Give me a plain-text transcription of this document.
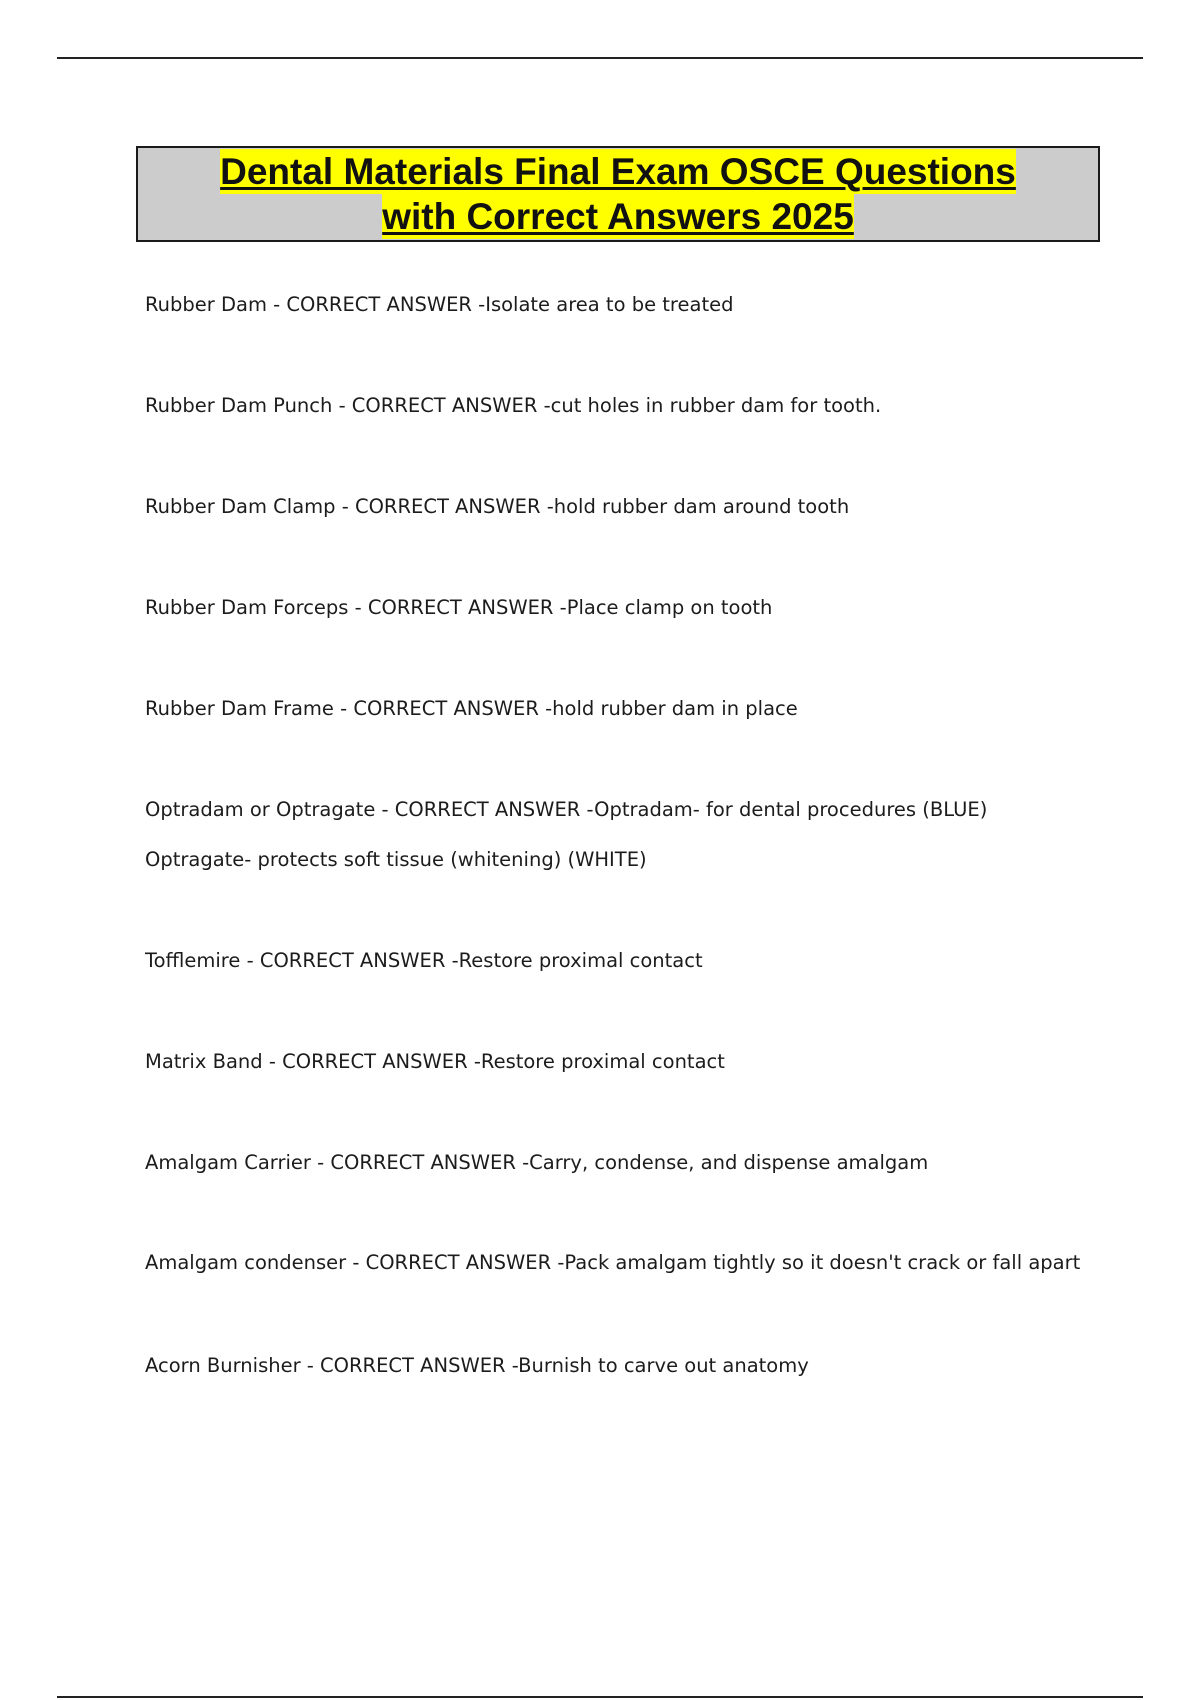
Dental Materials Final Exam OSCE Questions
with Correct Answers 2025
Rubber Dam - CORRECT ANSWER -Isolate area to be treated
Rubber Dam Punch - CORRECT ANSWER -cut holes in rubber dam for tooth.
Rubber Dam Clamp - CORRECT ANSWER -hold rubber dam around tooth
Rubber Dam Forceps - CORRECT ANSWER -Place clamp on tooth
Rubber Dam Frame - CORRECT ANSWER -hold rubber dam in place
Optradam or Optragate - CORRECT ANSWER -Optradam- for dental procedures (BLUE)
Optragate- protects soft tissue (whitening) (WHITE)
Tofflemire - CORRECT ANSWER -Restore proximal contact
Matrix Band - CORRECT ANSWER -Restore proximal contact
Amalgam Carrier - CORRECT ANSWER -Carry, condense, and dispense amalgam
Amalgam condenser - CORRECT ANSWER -Pack amalgam tightly so it doesn't crack or fall apart
Acorn Burnisher - CORRECT ANSWER -Burnish to carve out anatomy
